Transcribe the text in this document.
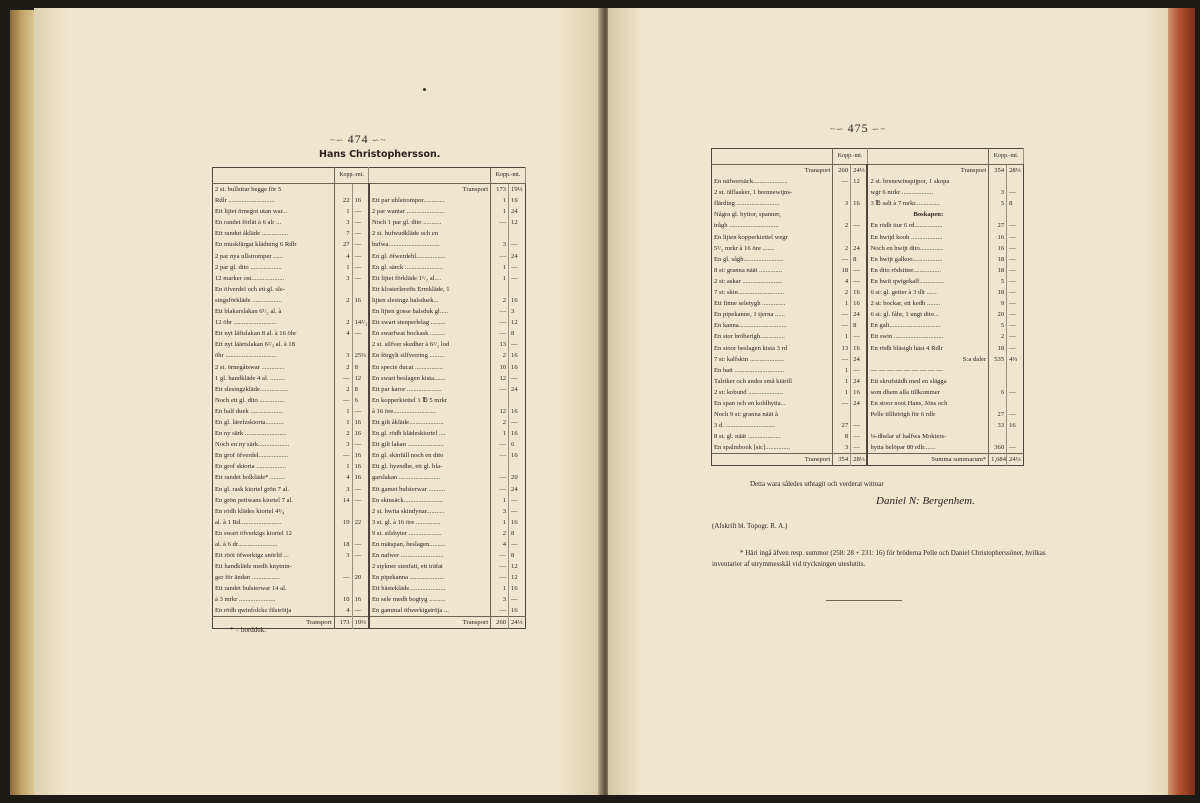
~∽ 474 ∽~
Hans Christophersson.
	Kopp.-mt.			Kopp.-mt.	
2 st. bullstrar begge för 5			Transport	173	19⅓
Rdlr ............................	22	16	Ett par uhlstrompor.............	1	16
Ett lijtet örnegot utan war...	1	—	2 par wantar .......................	1	24
En randet förlät à 6 alr ...	3	—	Noch 1 par gl. dito ...........	—	12
Ett randut åkläde ................	7	—	2 st. hufwudkläde och en		
En muskfärgat klädning 6 Rdlr	27	—	hufwa...............................	3	—
2 par nya ullstromper ......	4	—	En gl. öfwerdehl..................	—	24
2 par gl. dito ...................	1	—	En gl. särck .......................	1	—
12 marker ost....................	3	—	Ett lijtet förkläde 1¹/₂ al....	1	—
En öfverdel och ett gl. sle-			Ett klosterlerefts Ermkläde, 1		
singsförkläde ..................	2	16	lijten slesingz halsduek...	2	16
Ett blakarslakan 6¹/₂ al. à			En lijten gosse halsduk gl.....	—	3
12 öhr ..........................	2	14²/₃	Ett swart stenperlelag .........	—	12
Ett nyt läftslakan 8 al. à 16 öhr	4	—	En swarfwat bockask .........	—	8
Ett nyt läärtslakan 6²/₃ al. à 18			2 st. silfver skedher à 6¹/₂ lod	13	—
öhr ...............................	3	25⅓	En förgylt silfverring .........	2	16
2 st. örnegåtswar ..............	2	8	En specie ducat .................	10	16
1 gl. handkläde 4 al. .........	—	12	En swart beslagen kista.......	12	—
Ett slesingzkläde.................	2	8	Ett par karor .....................	—	24
Noch ett gl. dito ...............	—	6	En kopperkiettel 1 ℔ 5 mrkr		
En half duek ....................	1	—	à 16 öre..........................	12	16
En gl. lärefzskiorta...........	1	16	Ett gilt åkläde.....................	2	—
En ny särk .........................	2	16	En gl. rödh klädeskiortel ....	1	16
Noch en ny särk...................	3	—	Ett gilt lakan ......................	—	6
En grof öfverdel..................	—	16	En gl. skinfäll noch en dito	—	16
En grof skiorta ..................	1	16	Ett gl. hyendhe, ett gl. bla-		
Ett randet bolkläde* .........	4	16	garslakan .........................	—	20
En gl. rask kiortel grön 7 al.	3	—	Ett gamet bulsterwar ..........	—	24
En grön petiwans kiortel 7 al.	14	—	En skinsäck........................	1	—
En rödh klädes kiortel 4³/₄			2 st. hwita skindynar...........	3	—
al. à 1 Rd.........................	19	22	3 st. gl. à 16 öre ...............	1	16
En swart öfverkigs kiortel 12			9 st. silsbyter ....................	2	8
al. à 6 dr........................	18	—	En mätspan, beslagen..........	4	—
Ett rööt öfwerkigz snörlif ...	3	—	En nafwer ..........................	—	8
Ett handkläde medh knytnin-			2 stykner stenfatt, ett träfat	—	12
ger för ändan .................	—	20	En pipekanna .....................	—	12
Ett randet bulsterwar 14 al.			Ett hästekläde......................	1	16
à 3 mrkr ......................	10	16	En sele medh bogtyg ..........	3	—
En rödh qwinfolckz filströija	4	—	En gammal öfwerkigströja ...	—	16
Transport	173	19⅓	Transport	260	24⅓
* = bordduk.
~∽ 475 ∽~
	Kopp.-mt.			Kopp.-mt.	
Transport	260	24⅓	Transport	354	28⅓
En näfwersäck.....................	—	12	2 st. brenewinspijpor, 1 skopa		
2 st. ölflasker, 1 brennewijns-			wgr 6 mrkr ...................	3	—
flärding ..........................	3	16	3 ℔ salt à 7 mrkr...............	5	8
Några gl. byttor, spanner,			Boskapen:		
trågh ..............................	2	—	En rödh tiur 6 rd.................	27	—
En lijten kopperkiettel wegr			En hwijd kooh ...................	16	—
5¹/₂ mrkr à 16 öre .......	2	24	Noch en hwijt dito..............	16	—
En gl. sågh........................	—	8	En hwijt galkoo..................	18	—
8 st: granna näät ..............	18	—	En dito rödsitter.................	18	—
2 st: askar ........................	4	—	En hwit qwigekalf...............	5	—
7 st: skin............................	2	16	6 st: gl. getter à 3 dlr ......	18	—
Ett finne seletygh ..............	1	16	2 st: bockar, ett kedh ........	9	—
En pipekanne, 1 tjerna ......	—	24	6 st: gl. fåhr, 1 ungt dito...	20	—
En kanna.............................	—	8	En galt...............................	5	—
En stor bröberigh...............	1	—	Ett swin ..............................	2	—
En stoor beslagen kista 3 rd	13	16	En rödh bläsigh häst 4 Rdlr	18	—
7 st: kalfskin .....................	—	24	S:a daler	535	4⅓
En hatt ..............................	1	—	— — — — — — — — —		
Talriker och andra små kiärill	1	24	Ett skrufstädh med en slägga		
2 st: kobund .....................	1	16	som dhem alla tillkommer	6	—
En span och en kohlhytta...	—	24	En stoor noot Hans, Jöns och		
Noch 9 st: granna näät à			Pelle tillhörigh för 6 rdlr	27	—
3 d. ..............................	27	—		33	16
8 st. gl. näät ....................	8	—	⅛-dhelar af halfwa Mokiers-		
En spalmbook [sic]...............	3	—	hytta belöpar 80 rdlr.......	360	—
Transport	354	28⅓	Summa summarum*	1,684	24⅓
Detta wara således uthtagit och verderat wittnar
Daniel N: Bergenhem.
(Afskrift bl. Topogr. R. A.)
* Häri ingå äfven resp. summor (258: 28 + 231: 16) för bröderna Pelle och Daniel Christopherssöner, hvilkas inventarier af utrymmesskäl vid tryckningen uteslutits.
